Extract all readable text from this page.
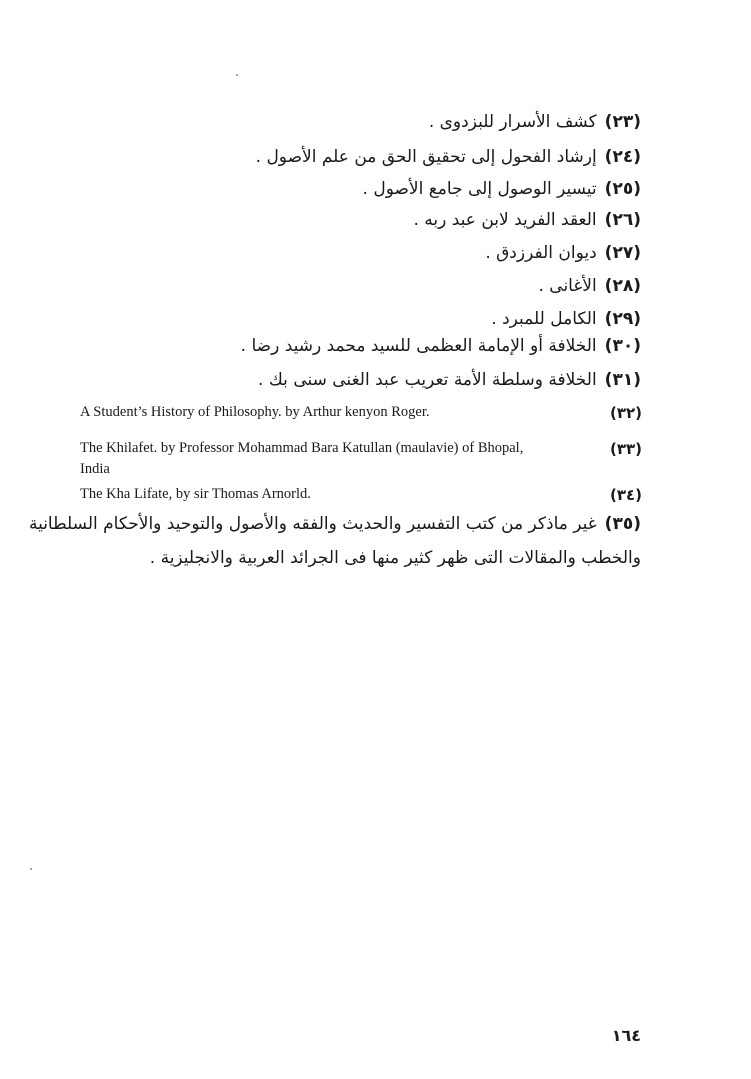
(٢٣)كشف الأسرار للبزدوى .
(٢٤)إرشاد الفحول إلى تحقيق الحق من علم الأصول .
(٢٥)تيسير الوصول إلى جامع الأصول .
(٢٦)العقد الفريد لابن عبد ربه .
(٢٧)ديوان الفرزدق .
(٢٨)الأغانى .
(٢٩)الكامل للمبرد .
(٣٠)الخلافة أو الإمامة العظمى للسيد محمد رشيد رضا .
(٣١)الخلافة وسلطة الأمة تعريب عبد الغنى سنى بك .
A Student’s History of Philosophy. by Arthur kenyon Roger.	(٣٢)
The Khilafet. by Professor Mohammad Bara Katullan (maulavie) of Bhopal,	(٣٣)
India
The Kha Lifate, by sir Thomas Arnorld.	(٣٤)
(٣٥)غير ماذكر من كتب التفسير والحديث والفقه والأصول والتوحيد والأحكام السلطانية
والخطب والمقالات التى ظهر كثير منها فى الجرائد العربية والانجليزية .
١٦٤
